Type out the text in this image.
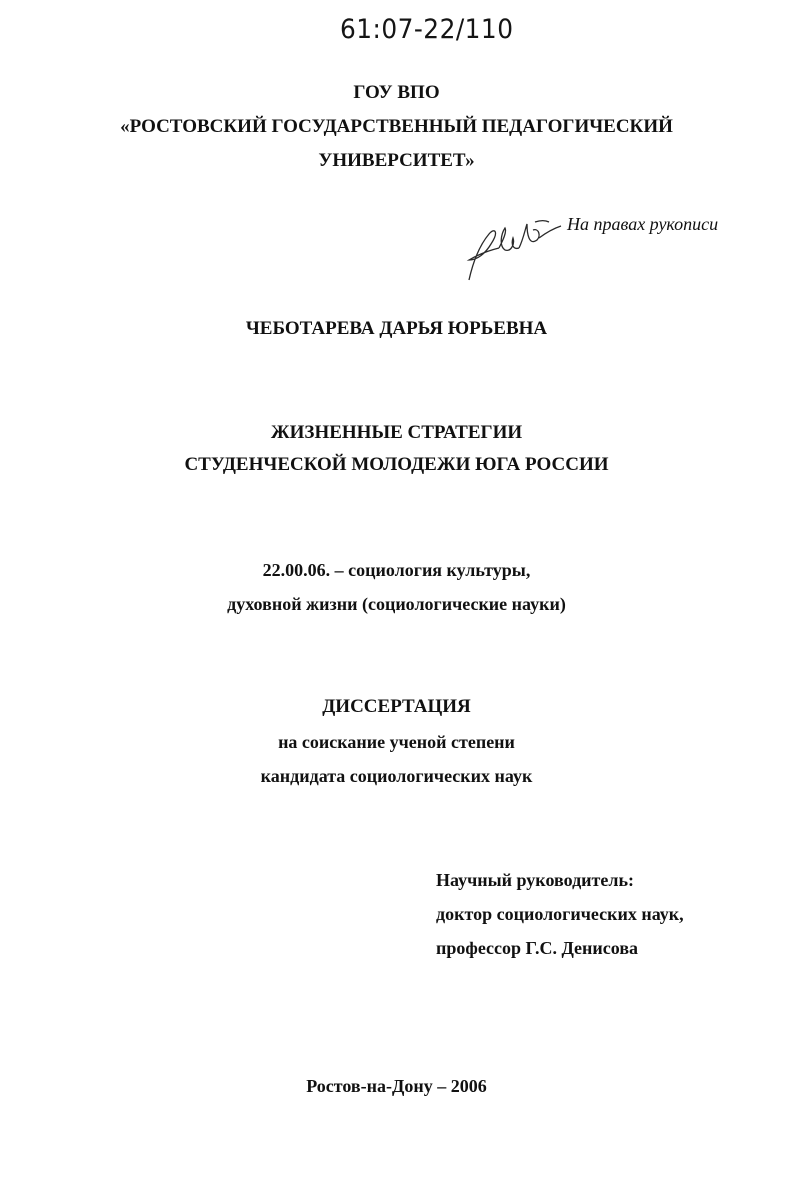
61:07-22/110
ГОУ ВПО
«РОСТОВСКИЙ ГОСУДАРСТВЕННЫЙ ПЕДАГОГИЧЕСКИЙ
УНИВЕРСИТЕТ»
На правах рукописи
ЧЕБОТАРЕВА ДАРЬЯ ЮРЬЕВНА
ЖИЗНЕННЫЕ СТРАТЕГИИ
СТУДЕНЧЕСКОЙ МОЛОДЕЖИ ЮГА РОССИИ
22.00.06. – социология культуры,
духовной жизни (социологические науки)
ДИССЕРТАЦИЯ
на соискание ученой степени
кандидата социологических наук
Научный руководитель:
доктор социологических наук,
профессор Г.С. Денисова
Ростов-на-Дону – 2006
